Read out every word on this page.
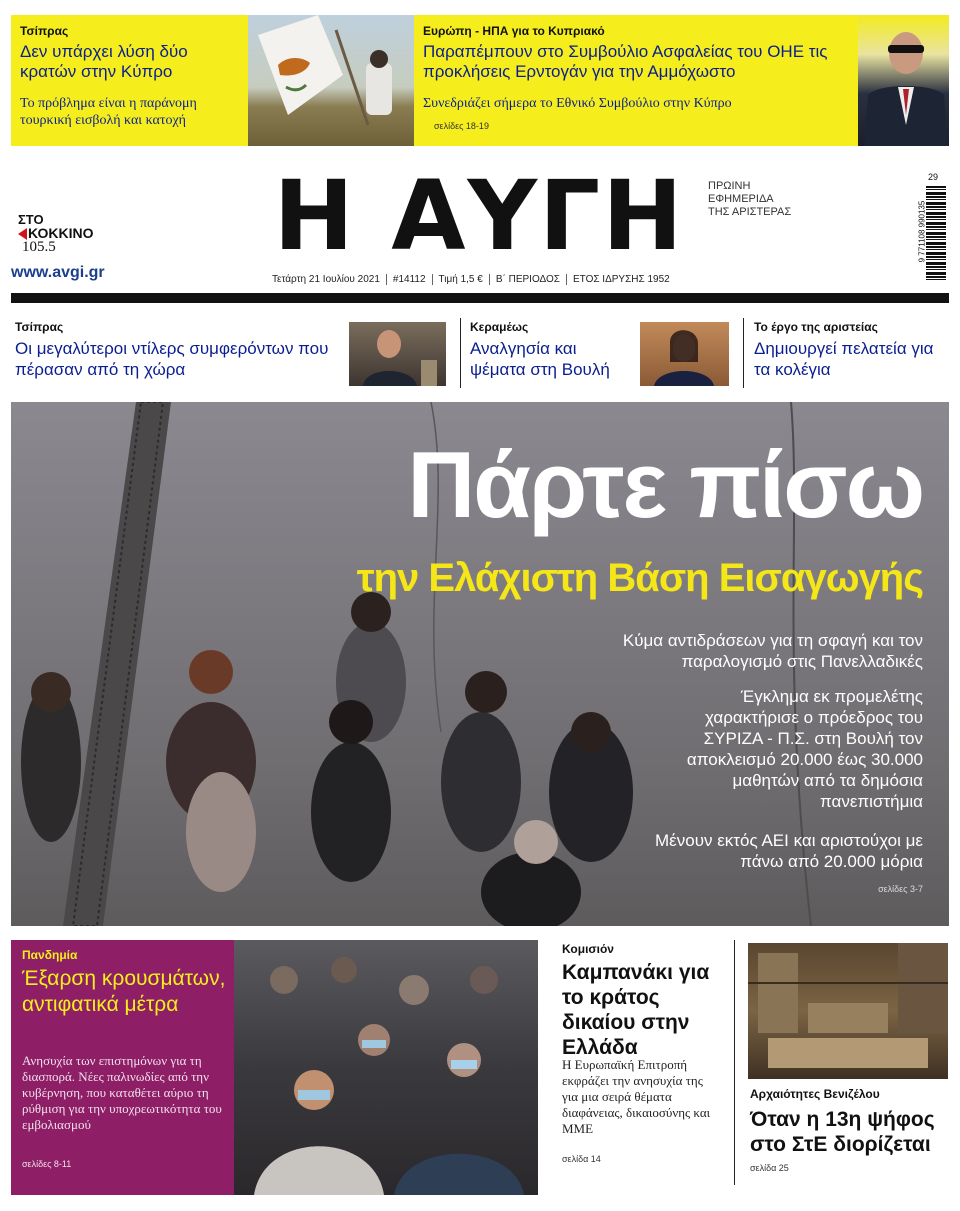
Τσίπρας
Δεν υπάρχει λύση δύο κρατών στην Κύπρο
Το πρόβλημα είναι η παράνομη τουρκική εισβολή και κατοχή
Ευρώπη - ΗΠΑ για το Κυπριακό
Παραπέμπουν στο Συμβούλιο Ασφαλείας του ΟΗΕ τις προκλήσεις Ερντογάν για την Αμμόχωστο
Συνεδριάζει σήμερα το Εθνικό Συμβούλιο στην Κύπρο
σελίδες 18-19
ΣΤΟ
ΚΟΚΚΙΝΟ
105.5
www.avgi.gr
Η ΑΥΓΗ	ΠΡΩΙΝΗ
ΕΦΗΜΕΡΙΔΑ
ΤΗΣ ΑΡΙΣΤΕΡΑΣ
Τετάρτη 21 Ιουλίου 2021 #14112 Τιμή 1,5 € Β΄ ΠΕΡΙΟΔΟΣ ΕΤΟΣ ΙΔΡΥΣΗΣ 1952
9 771108 990135
29
Τσίπρας
Οι μεγαλύτεροι ντίλερς συμφερόντων που πέρασαν από τη χώρα
Κεραμέως
Αναλγησία και ψέματα στη Βουλή
Το έργο της αριστείας
Δημιουργεί πελατεία για τα κολέγια
Πάρτε πίσω
την Ελάχιστη Βάση Εισαγωγής
Κύμα αντιδράσεων για τη σφαγή και τον παραλογισμό στις Πανελλαδικές
Έγκλημα εκ προμελέτης χαρακτήρισε ο πρόεδρος του ΣΥΡΙΖΑ - Π.Σ. στη Βουλή τον αποκλεισμό 20.000 έως 30.000 μαθητών από τα δημόσια πανεπιστήμια
Μένουν εκτός ΑΕΙ και αριστούχοι με πάνω από 20.000 μόρια
σελίδες 3-7
Πανδημία
Έξαρση κρουσμάτων, αντιφατικά μέτρα
Ανησυχία των επιστημόνων για τη διασπορά. Νέες παλινωδίες από την κυβέρνηση, που καταθέτει αύριο τη ρύθμιση για την υποχρεωτικότητα του εμβολιασμού
σελίδες 8-11
Κομισιόν
Καμπανάκι για το κράτος δικαίου στην Ελλάδα
Η Ευρωπαϊκή Επιτροπή εκφράζει την ανησυχία της για μια σειρά θέματα διαφάνειας, δικαιοσύνης και ΜΜΕ
σελίδα 14
Αρχαιότητες Βενιζέλου
Όταν η 13η ψήφος στο ΣτΕ διορίζεται
σελίδα 25
